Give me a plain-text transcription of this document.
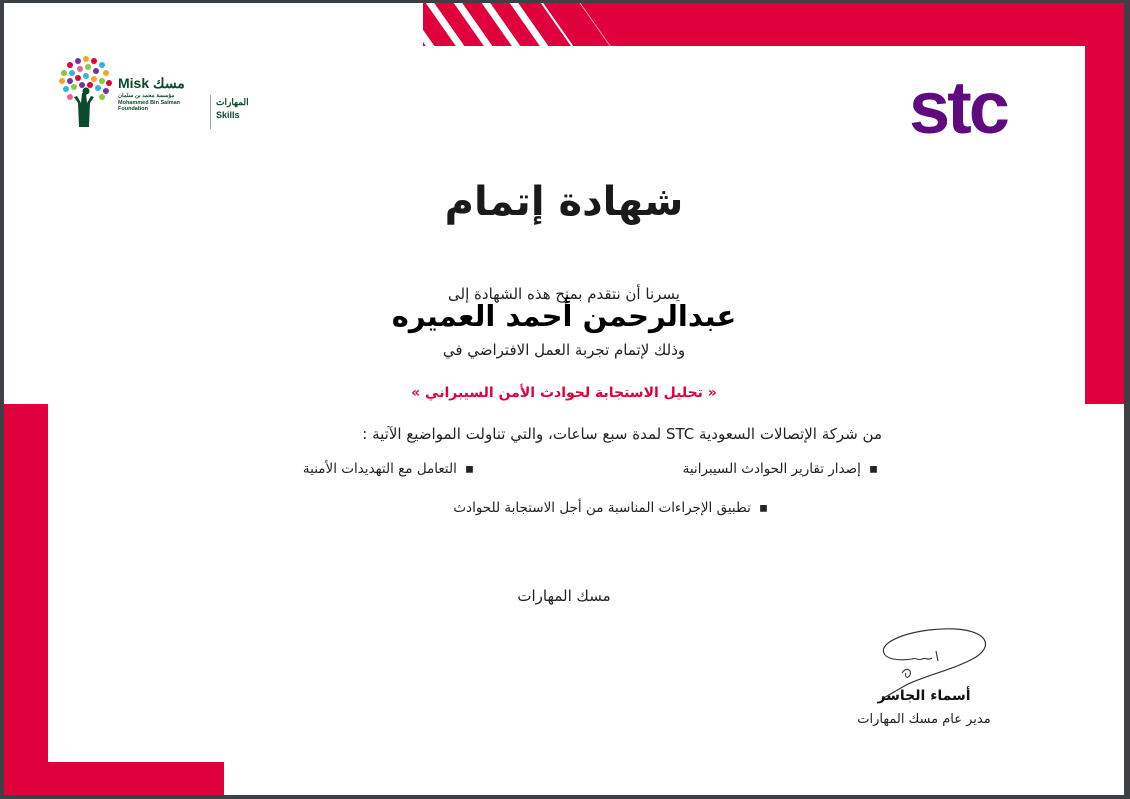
Misk مسك
مؤسسة محمد بن سلمان
Mohammed Bin Salman
Foundation
المهارات
Skills	stc
شهادة إتمام
يسرنا أن نتقدم بمنح هذه الشهادة إلى
عبدالرحمن أحمد العميره
وذلك لإتمام تجربة العمل الافتراضي في
« تحليل الاستجابة لحوادث الأمن السيبراني »
من شركة الإتصالات السعودية STC لمدة سبع ساعات، والتي تناولت المواضيع الآتية :
▪إصدار تقارير الحوادث السيبرانية
▪التعامل مع التهديدات الأمنية
▪تطبيق الإجراءات المناسبة من أجل الاستجابة للحوادث
مسك المهارات
أسماء الجاسر
مدير عام مسك المهارات
